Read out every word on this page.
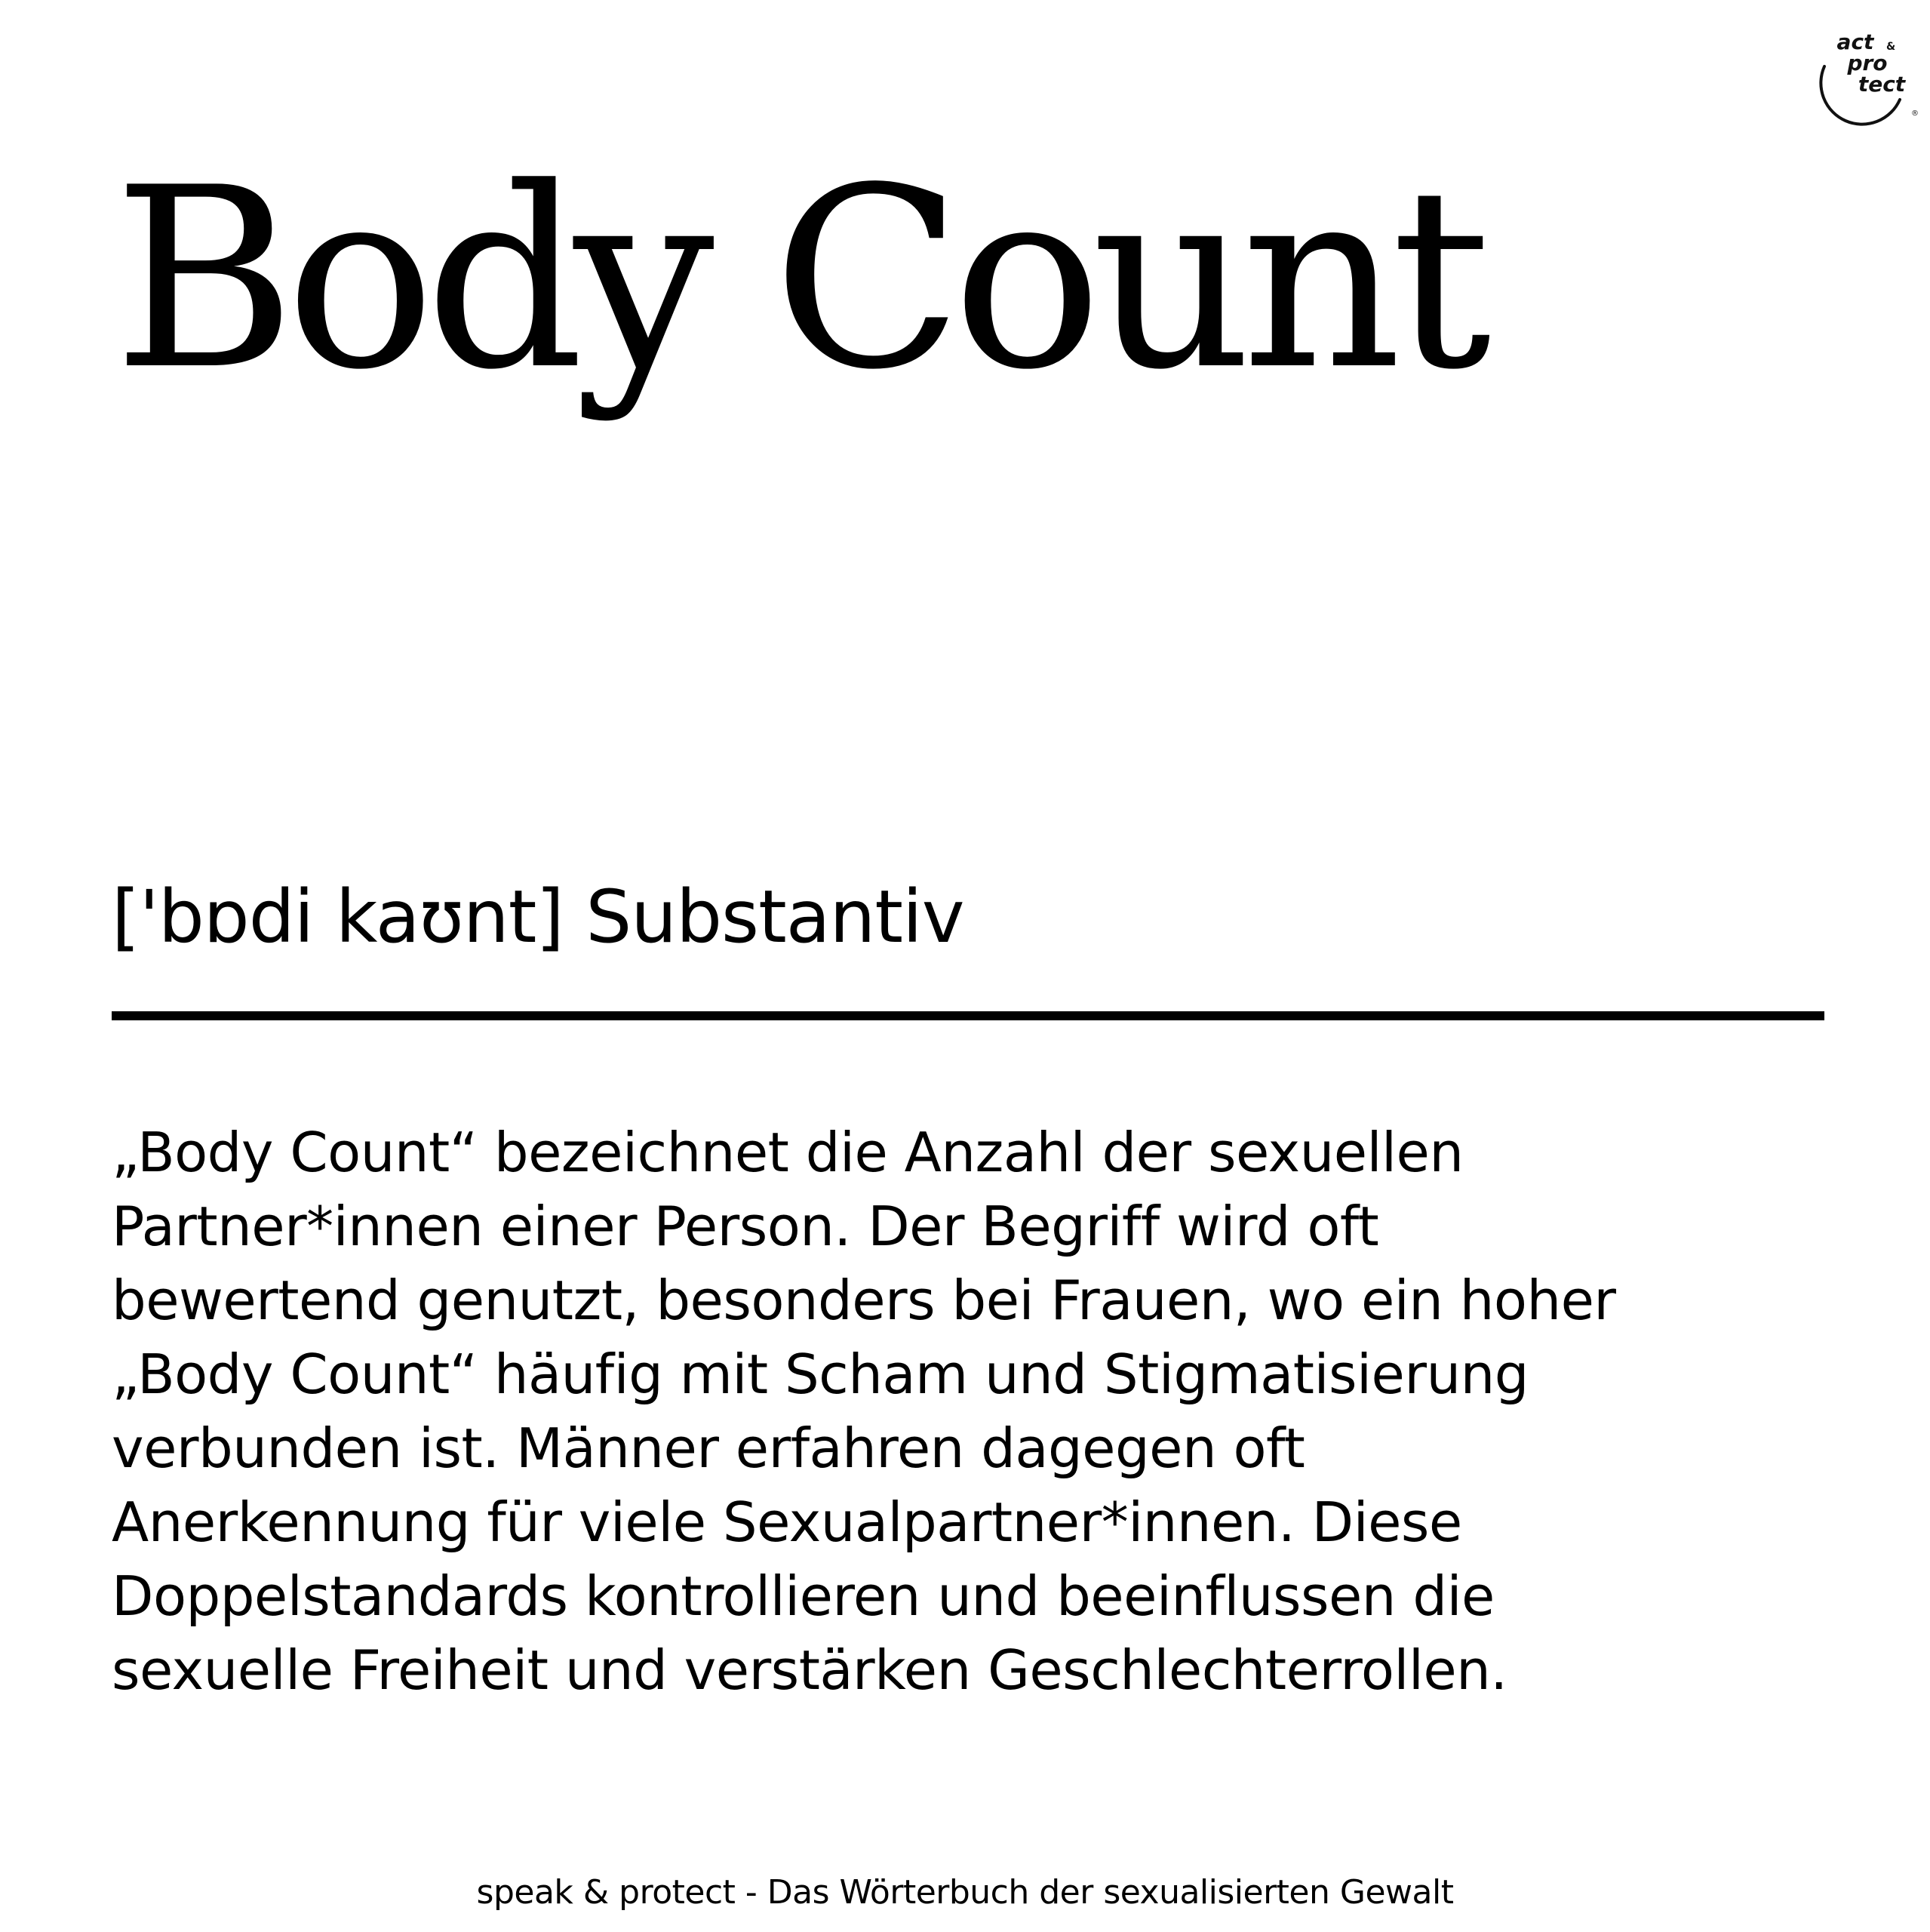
®
act
pro
tect
&
Body Count
['bɒdi kaʊnt] Substantiv
„Body Count“ bezeichnet die Anzahl der sexuellen
Partner*innen einer Person. Der Begriff wird oft
bewertend genutzt, besonders bei Frauen, wo ein hoher
„Body Count“ häufig mit Scham und Stigmatisierung
verbunden ist. Männer erfahren dagegen oft
Anerkennung für viele Sexualpartner*innen. Diese
Doppelstandards kontrollieren und beeinflussen die
sexuelle Freiheit und verstärken Geschlechterrollen.
speak & protect - Das Wörterbuch der sexualisierten Gewalt
